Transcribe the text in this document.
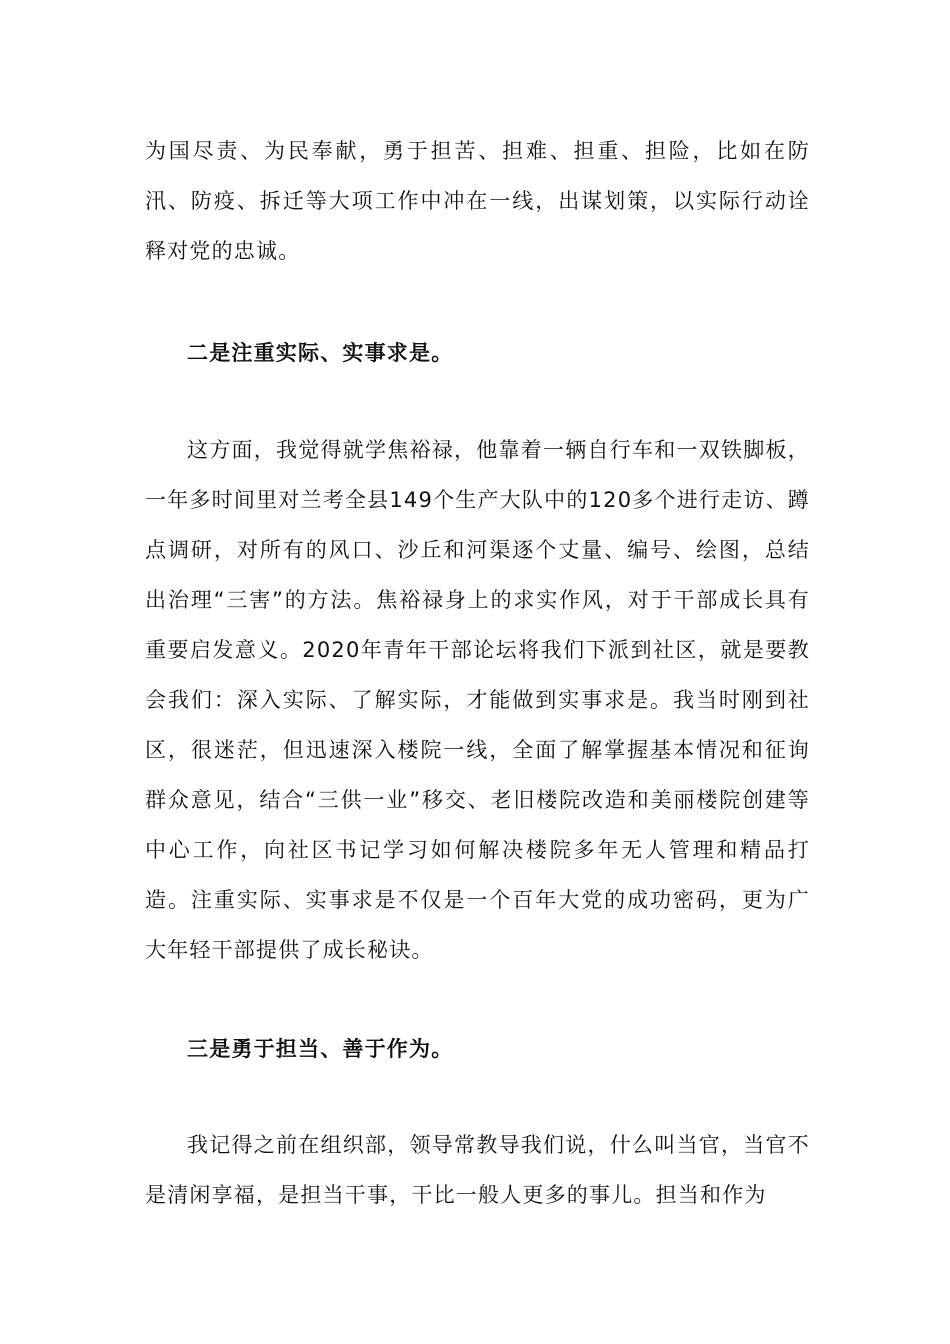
为国尽责、为民奉献，勇于担苦、担难、担重、担险，比如在防汛、防疫、拆迁等大项工作中冲在一线，出谋划策，以实际行动诠释对党的忠诚。

二是注重实际、实事求是。

这方面，我觉得就学焦裕禄，他靠着一辆自行车和一双铁脚板，一年多时间里对兰考全县149个生产大队中的120多个进行走访、蹲点调研，对所有的风口、沙丘和河渠逐个丈量、编号、绘图，总结出治理“三害”的方法。焦裕禄身上的求实作风，对于干部成长具有重要启发意义。2020年青年干部论坛将我们下派到社区，就是要教会我们：深入实际、了解实际，才能做到实事求是。我当时刚到社区，很迷茫，但迅速深入楼院一线，全面了解掌握基本情况和征询群众意见，结合“三供一业”移交、老旧楼院改造和美丽楼院创建等中心工作，向社区书记学习如何解决楼院多年无人管理和精品打造。注重实际、实事求是不仅是一个百年大党的成功密码，更为广大年轻干部提供了成长秘诀。

三是勇于担当、善于作为。

我记得之前在组织部，领导常教导我们说，什么叫当官，当官不是清闲享福，是担当干事，干比一般人更多的事儿。担当和作为
